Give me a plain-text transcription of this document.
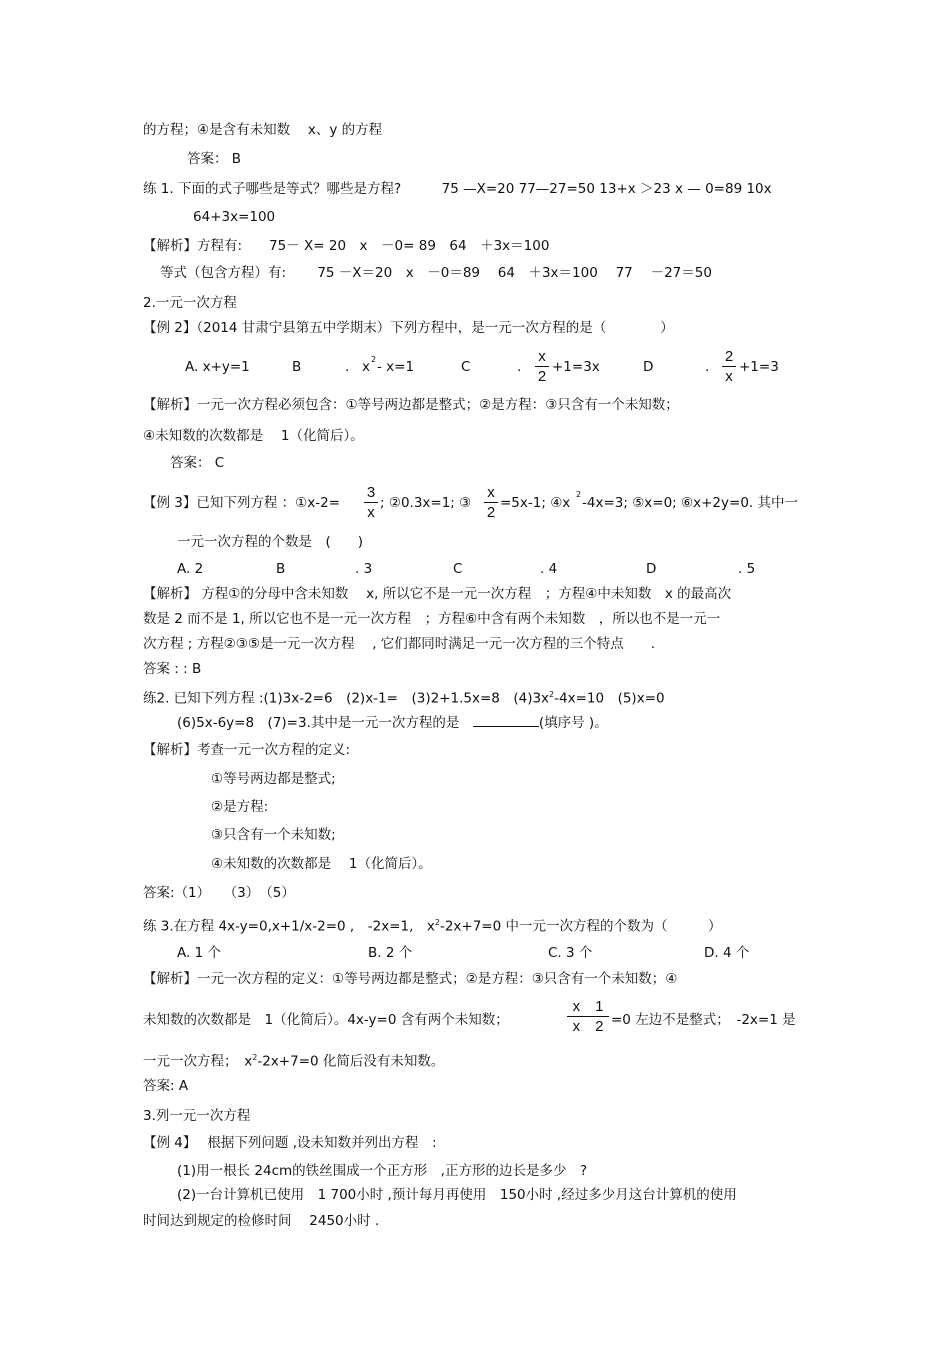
的方程；④是含有未知数　 x、y 的方程
答案： B
练 1. 下面的式子哪些是等式？哪些是方程?　　　75 —X=20 77—27=50 13+x ＞23 x — 0=89 10x
64+3x=100
【解析】方程有:　　75－ X= 20　x　－0= 89　64　＋3x＝100
等式（包含方程）有:　　 75 －X＝20　x　－0＝89　 64　＋3x＝100　 77　 －27＝50
2.一元一次方程
【例 2】（2014 甘肃宁县第五中学期末）下列方程中，是一元一次方程的是（　　　　）
A. x+y=1	B	. x 2 - x=1	C	.
x
2
+1=3x	D	.
2
x
+1=3
【解析】一元一次方程必须包含：①等号两边都是整式；②是方程：③只含有一个未知数；
④未知数的次数都是　 1（化简后）。
答案： C
【例 3】已知下列方程 ：①x-2=
3
x
; ②0.3x=1; ③
x
2
=5x-1; ④x
2
-4x=3; ⑤x=0; ⑥x+2y=0. 其中一
一元一次方程的个数是　(　　)
A. 2	B	. 3	C	. 4	D	. 5
【解析】 方程①的分母中含未知数　 x, 所以它不是一元一次方程　；方程④中未知数　x 的最高次
数是 2 而不是 1, 所以它也不是一元一次方程　；方程⑥中含有两个未知数　，所以也不是一元一
次方程 ; 方程②③⑤是一元一次方程　 , 它们都同时满足一元一次方程的三个特点　　.
答案 : : B
练2. 已知下列方程 :(1)3x-2=6　(2)x-1=　(3)2+1.5x=8　$(4)3x^2-4x=10$　(5)x=0
(6)5x-6y=8　(7)=3.其中是一元一次方程的是　	(填序号 )。
【解析】考查一元一次方程的定义:
①等号两边都是整式;
②是方程:
③只含有一个未知数;
④未知数的次数都是　 1（化简后）。
答案:（1）　　（3）　（5）
练 3.在方程 4x-y=0,x+1/x-2=0 ,　-2x=1,　$x^2-2x+7=0$ 中一元一次方程的个数为（　　　）
A. 1 个	B. 2 个	C. 3 个	D. 4 个
【解析】一元一次方程的定义：①等号两边都是整式；②是方程：③只含有一个未知数；④
未知数的次数都是　1（化简后）。4x-y=0 含有两个未知数；
x　1
x　2 =0 左边不是整式；　-2x=1 是
一元一次方程；　$x^2-2x+7=0$ 化简后没有未知数。
答案: A
3.列一元一次方程
【例 4】　 根据下列问题 ,设未知数并列出方程　:
(1)用一根长 24cm的铁丝围成一个正方形　,正方形的边长是多少　?
(2)一台计算机已使用　1 700小时 ,预计每月再使用　150小时 ,经过多少月这台计算机的使用
时间达到规定的检修时间　 2450小时 .
